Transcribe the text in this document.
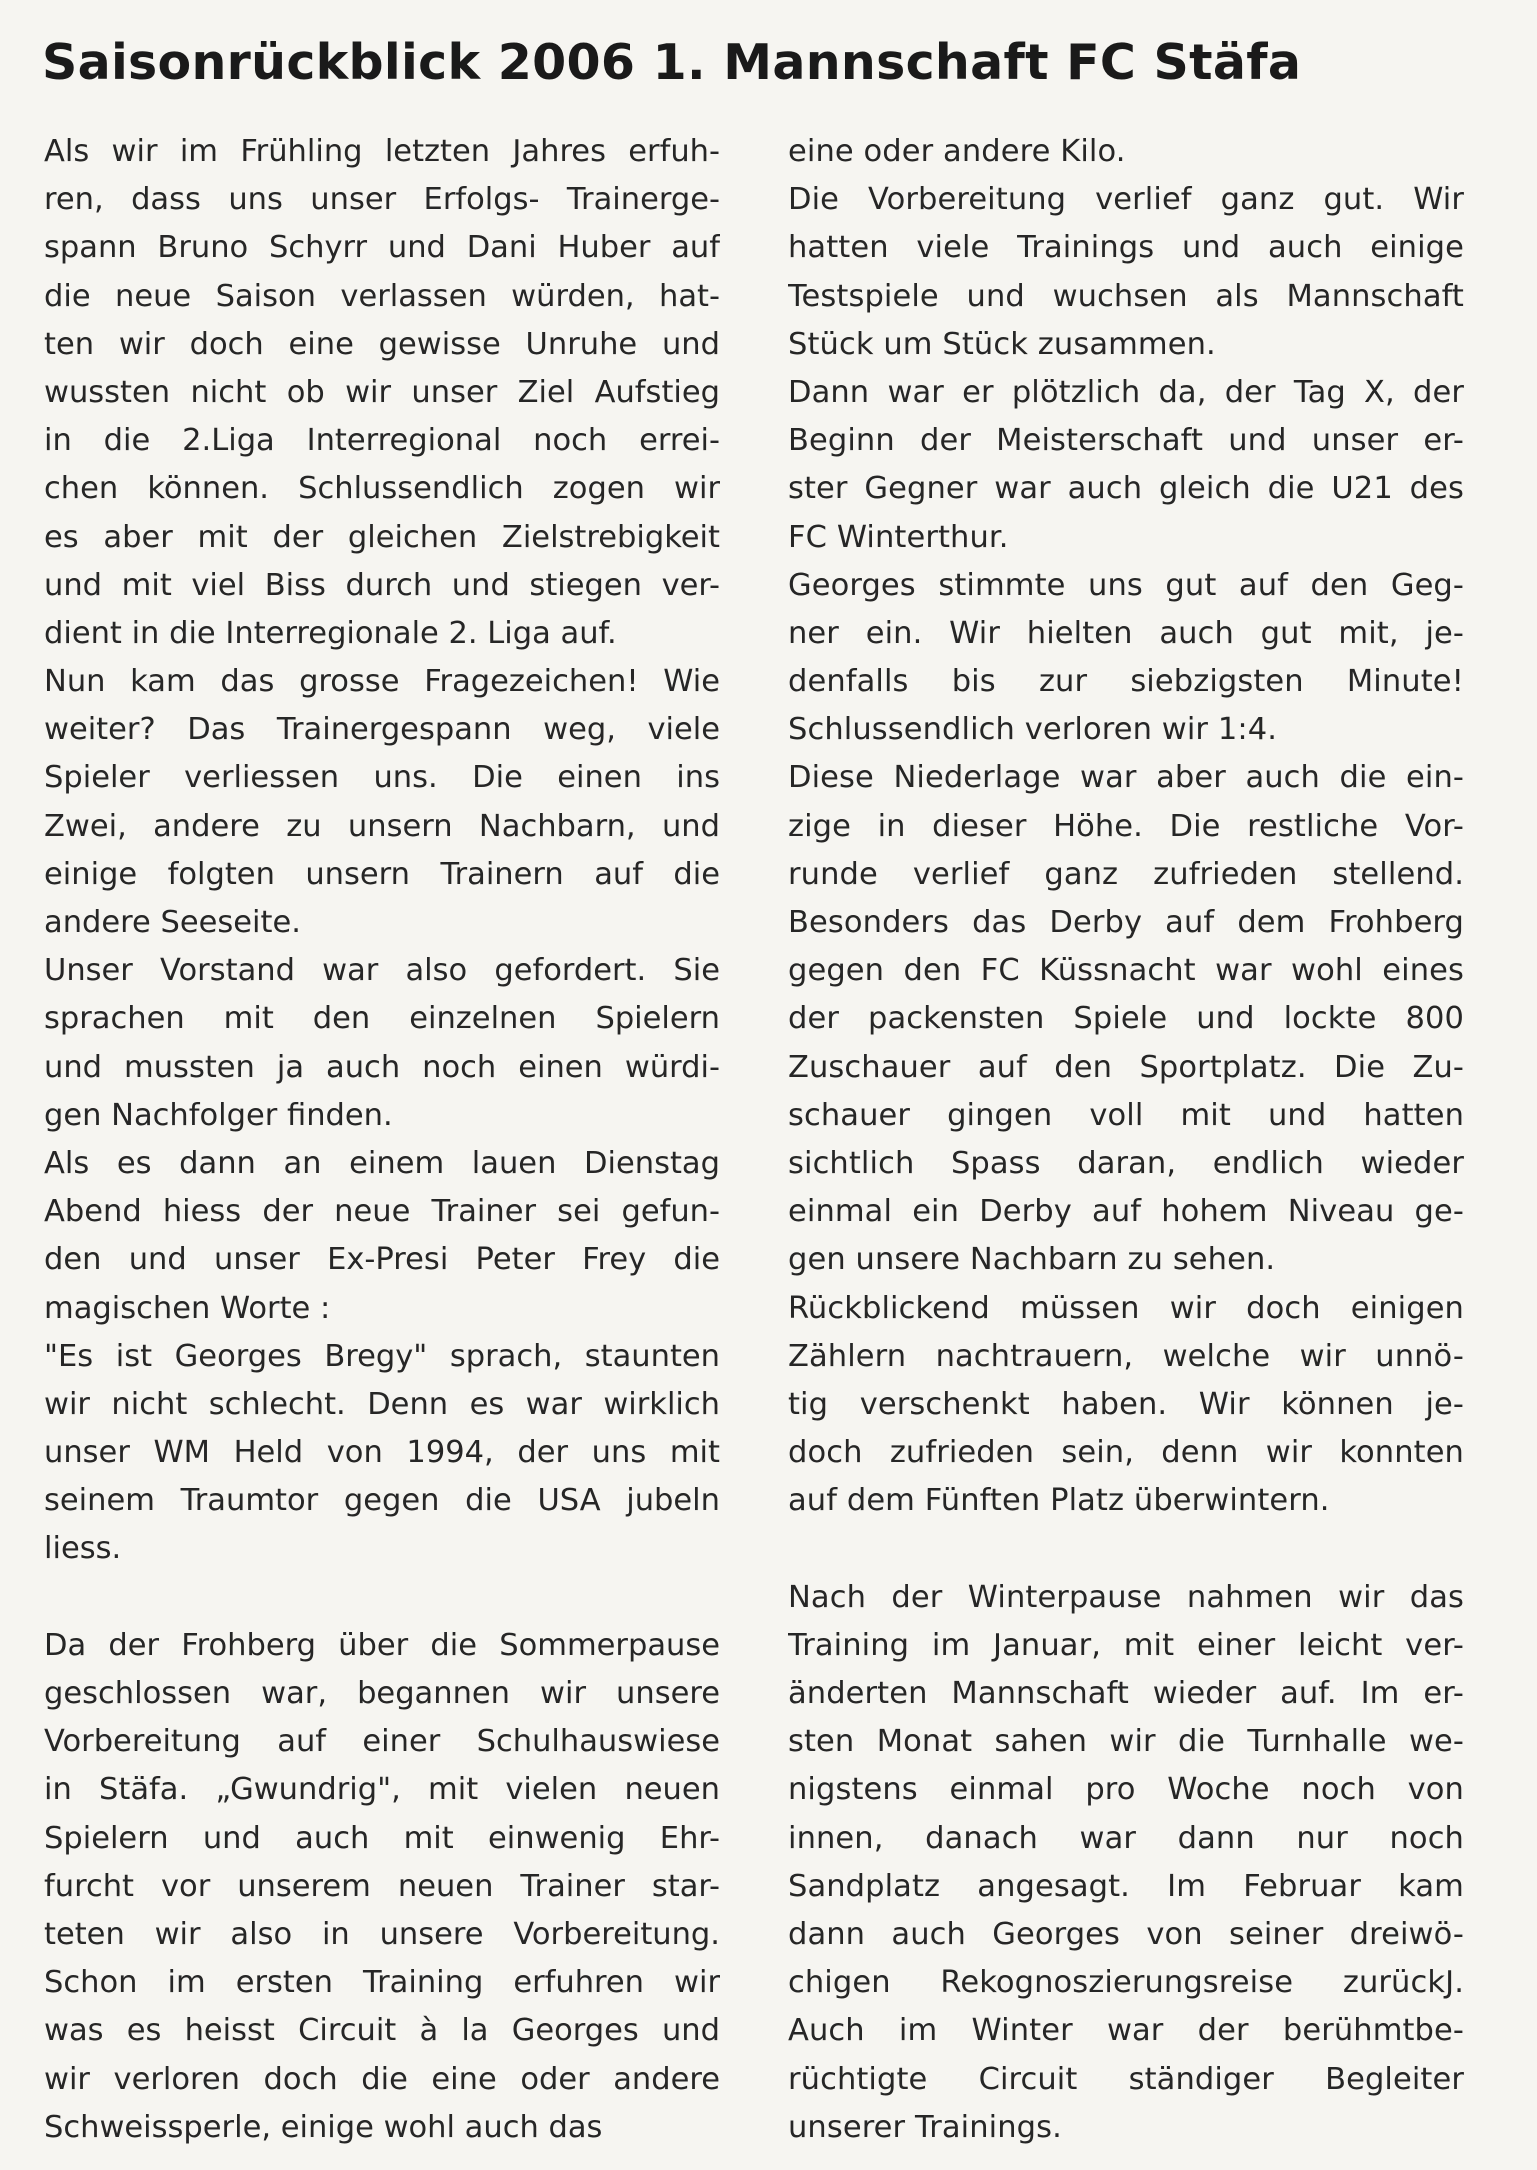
Saisonrückblick 2006 1. Mannschaft FC Stäfa
Als wir im Frühling letzten Jahres erfuh-
ren, dass uns unser Erfolgs- Trainerge-
spann Bruno Schyrr und Dani Huber auf
die neue Saison verlassen würden, hat-
ten wir doch eine gewisse Unruhe und
wussten nicht ob wir unser Ziel Aufstieg
in die 2.Liga Interregional noch errei-
chen können. Schlussendlich zogen wir
es aber mit der gleichen Zielstrebigkeit
und mit viel Biss durch und stiegen ver-
dient in die Interregionale 2. Liga auf.
Nun kam das grosse Fragezeichen! Wie
weiter? Das Trainergespann weg, viele
Spieler verliessen uns. Die einen ins
Zwei, andere zu unsern Nachbarn, und
einige folgten unsern Trainern auf die
andere Seeseite.
Unser Vorstand war also gefordert. Sie
sprachen mit den einzelnen Spielern
und mussten ja auch noch einen würdi-
gen Nachfolger finden.
Als es dann an einem lauen Dienstag
Abend hiess der neue Trainer sei gefun-
den und unser Ex-Presi Peter Frey die
magischen Worte :
"Es ist Georges Bregy" sprach, staunten
wir nicht schlecht. Denn es war wirklich
unser WM Held von 1994, der uns mit
seinem Traumtor gegen die USA jubeln
liess.
Da der Frohberg über die Sommerpause
geschlossen war, begannen wir unsere
Vorbereitung auf einer Schulhauswiese
in Stäfa. „Gwundrig", mit vielen neuen
Spielern und auch mit einwenig Ehr-
furcht vor unserem neuen Trainer star-
teten wir also in unsere Vorbereitung.
Schon im ersten Training erfuhren wir
was es heisst Circuit à la Georges und
wir verloren doch die eine oder andere
Schweissperle, einige wohl auch das
eine oder andere Kilo.
Die Vorbereitung verlief ganz gut. Wir
hatten viele Trainings und auch einige
Testspiele und wuchsen als Mannschaft
Stück um Stück zusammen.
Dann war er plötzlich da, der Tag X, der
Beginn der Meisterschaft und unser er-
ster Gegner war auch gleich die U21 des
FC Winterthur.
Georges stimmte uns gut auf den Geg-
ner ein. Wir hielten auch gut mit, je-
denfalls bis zur siebzigsten Minute!
Schlussendlich verloren wir 1:4.
Diese Niederlage war aber auch die ein-
zige in dieser Höhe. Die restliche Vor-
runde verlief ganz zufrieden stellend.
Besonders das Derby auf dem Frohberg
gegen den FC Küssnacht war wohl eines
der packensten Spiele und lockte 800
Zuschauer auf den Sportplatz. Die Zu-
schauer gingen voll mit und hatten
sichtlich Spass daran, endlich wieder
einmal ein Derby auf hohem Niveau ge-
gen unsere Nachbarn zu sehen.
Rückblickend müssen wir doch einigen
Zählern nachtrauern, welche wir unnö-
tig verschenkt haben. Wir können je-
doch zufrieden sein, denn wir konnten
auf dem Fünften Platz überwintern.
Nach der Winterpause nahmen wir das
Training im Januar, mit einer leicht ver-
änderten Mannschaft wieder auf. Im er-
sten Monat sahen wir die Turnhalle we-
nigstens einmal pro Woche noch von
innen, danach war dann nur noch
Sandplatz angesagt. Im Februar kam
dann auch Georges von seiner dreiwö-
chigen Rekognoszierungsreise zurückJ.
Auch im Winter war der berühmtbe-
rüchtigte Circuit ständiger Begleiter
unserer Trainings.
